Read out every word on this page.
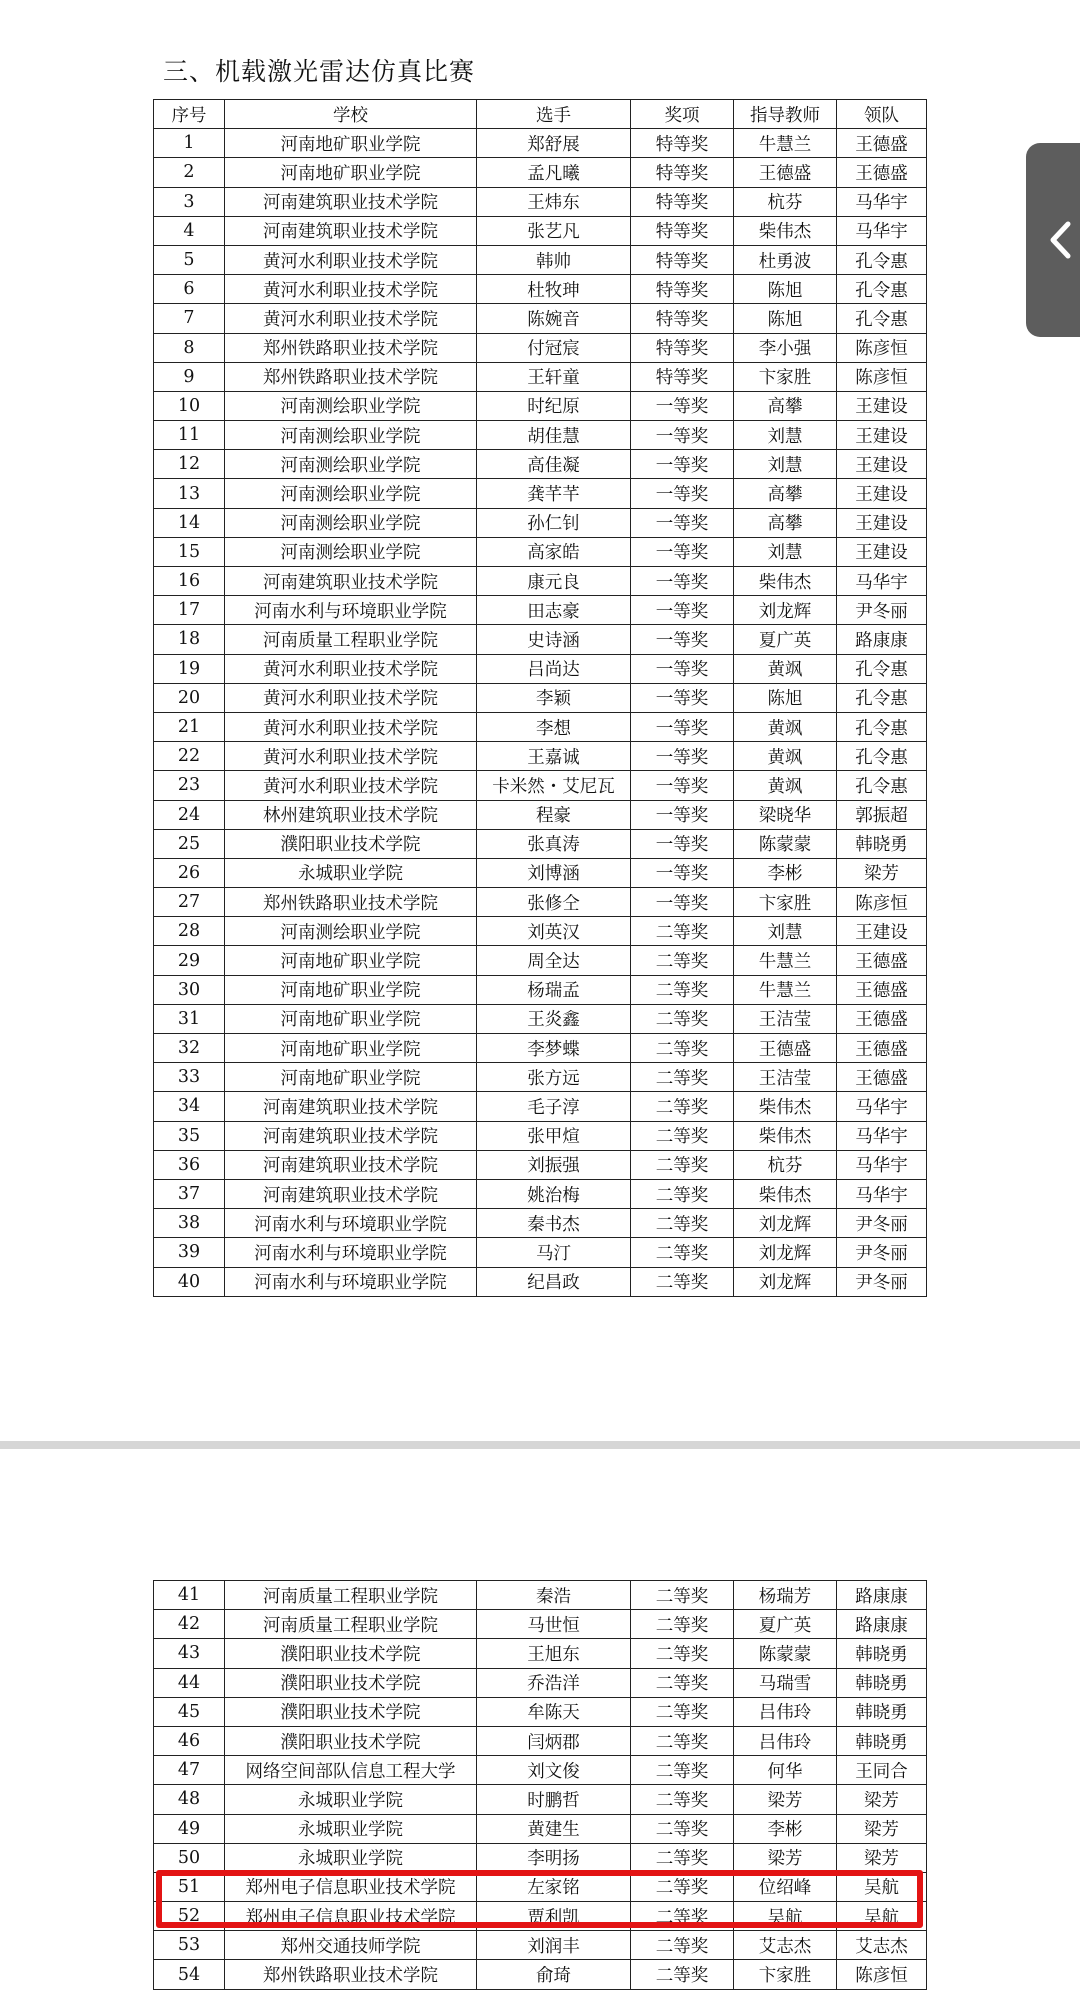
三、机载激光雷达仿真比赛
序号	学校	选手	奖项	指导教师	领队
1	河南地矿职业学院	郑舒展	特等奖	牛慧兰	王德盛
2	河南地矿职业学院	孟凡曦	特等奖	王德盛	王德盛
3	河南建筑职业技术学院	王炜东	特等奖	杭芬	马华宇
4	河南建筑职业技术学院	张艺凡	特等奖	柴伟杰	马华宇
5	黄河水利职业技术学院	韩帅	特等奖	杜勇波	孔令惠
6	黄河水利职业技术学院	杜牧珅	特等奖	陈旭	孔令惠
7	黄河水利职业技术学院	陈婉音	特等奖	陈旭	孔令惠
8	郑州铁路职业技术学院	付冠宸	特等奖	李小强	陈彦恒
9	郑州铁路职业技术学院	王轩童	特等奖	卞家胜	陈彦恒
10	河南测绘职业学院	时纪原	一等奖	高攀	王建设
11	河南测绘职业学院	胡佳慧	一等奖	刘慧	王建设
12	河南测绘职业学院	高佳凝	一等奖	刘慧	王建设
13	河南测绘职业学院	龚芊芊	一等奖	高攀	王建设
14	河南测绘职业学院	孙仁钊	一等奖	高攀	王建设
15	河南测绘职业学院	高家皓	一等奖	刘慧	王建设
16	河南建筑职业技术学院	康元良	一等奖	柴伟杰	马华宇
17	河南水利与环境职业学院	田志豪	一等奖	刘龙辉	尹冬丽
18	河南质量工程职业学院	史诗涵	一等奖	夏广英	路康康
19	黄河水利职业技术学院	吕尚达	一等奖	黄飒	孔令惠
20	黄河水利职业技术学院	李颖	一等奖	陈旭	孔令惠
21	黄河水利职业技术学院	李想	一等奖	黄飒	孔令惠
22	黄河水利职业技术学院	王嘉诚	一等奖	黄飒	孔令惠
23	黄河水利职业技术学院	卡米然・艾尼瓦	一等奖	黄飒	孔令惠
24	林州建筑职业技术学院	程豪	一等奖	梁晓华	郭振超
25	濮阳职业技术学院	张真涛	一等奖	陈蒙蒙	韩晓勇
26	永城职业学院	刘博涵	一等奖	李彬	梁芳
27	郑州铁路职业技术学院	张修仝	一等奖	卞家胜	陈彦恒
28	河南测绘职业学院	刘英汉	二等奖	刘慧	王建设
29	河南地矿职业学院	周全达	二等奖	牛慧兰	王德盛
30	河南地矿职业学院	杨瑞孟	二等奖	牛慧兰	王德盛
31	河南地矿职业学院	王炎鑫	二等奖	王洁莹	王德盛
32	河南地矿职业学院	李梦蝶	二等奖	王德盛	王德盛
33	河南地矿职业学院	张方远	二等奖	王洁莹	王德盛
34	河南建筑职业技术学院	毛子淳	二等奖	柴伟杰	马华宇
35	河南建筑职业技术学院	张甲煊	二等奖	柴伟杰	马华宇
36	河南建筑职业技术学院	刘振强	二等奖	杭芬	马华宇
37	河南建筑职业技术学院	姚治梅	二等奖	柴伟杰	马华宇
38	河南水利与环境职业学院	秦书杰	二等奖	刘龙辉	尹冬丽
39	河南水利与环境职业学院	马汀	二等奖	刘龙辉	尹冬丽
40	河南水利与环境职业学院	纪昌政	二等奖	刘龙辉	尹冬丽
41	河南质量工程职业学院	秦浩	二等奖	杨瑞芳	路康康
42	河南质量工程职业学院	马世恒	二等奖	夏广英	路康康
43	濮阳职业技术学院	王旭东	二等奖	陈蒙蒙	韩晓勇
44	濮阳职业技术学院	乔浩洋	二等奖	马瑞雪	韩晓勇
45	濮阳职业技术学院	牟陈天	二等奖	吕伟玲	韩晓勇
46	濮阳职业技术学院	闫炳郡	二等奖	吕伟玲	韩晓勇
47	网络空间部队信息工程大学	刘文俊	二等奖	何华	王同合
48	永城职业学院	时鹏哲	二等奖	梁芳	梁芳
49	永城职业学院	黄建生	二等奖	李彬	梁芳
50	永城职业学院	李明扬	二等奖	梁芳	梁芳
51	郑州电子信息职业技术学院	左家铭	二等奖	位绍峰	吴航
52	郑州电子信息职业技术学院	贾利凯	二等奖	吴航	吴航
53	郑州交通技师学院	刘润丰	二等奖	艾志杰	艾志杰
54	郑州铁路职业技术学院	俞琦	二等奖	卞家胜	陈彦恒
